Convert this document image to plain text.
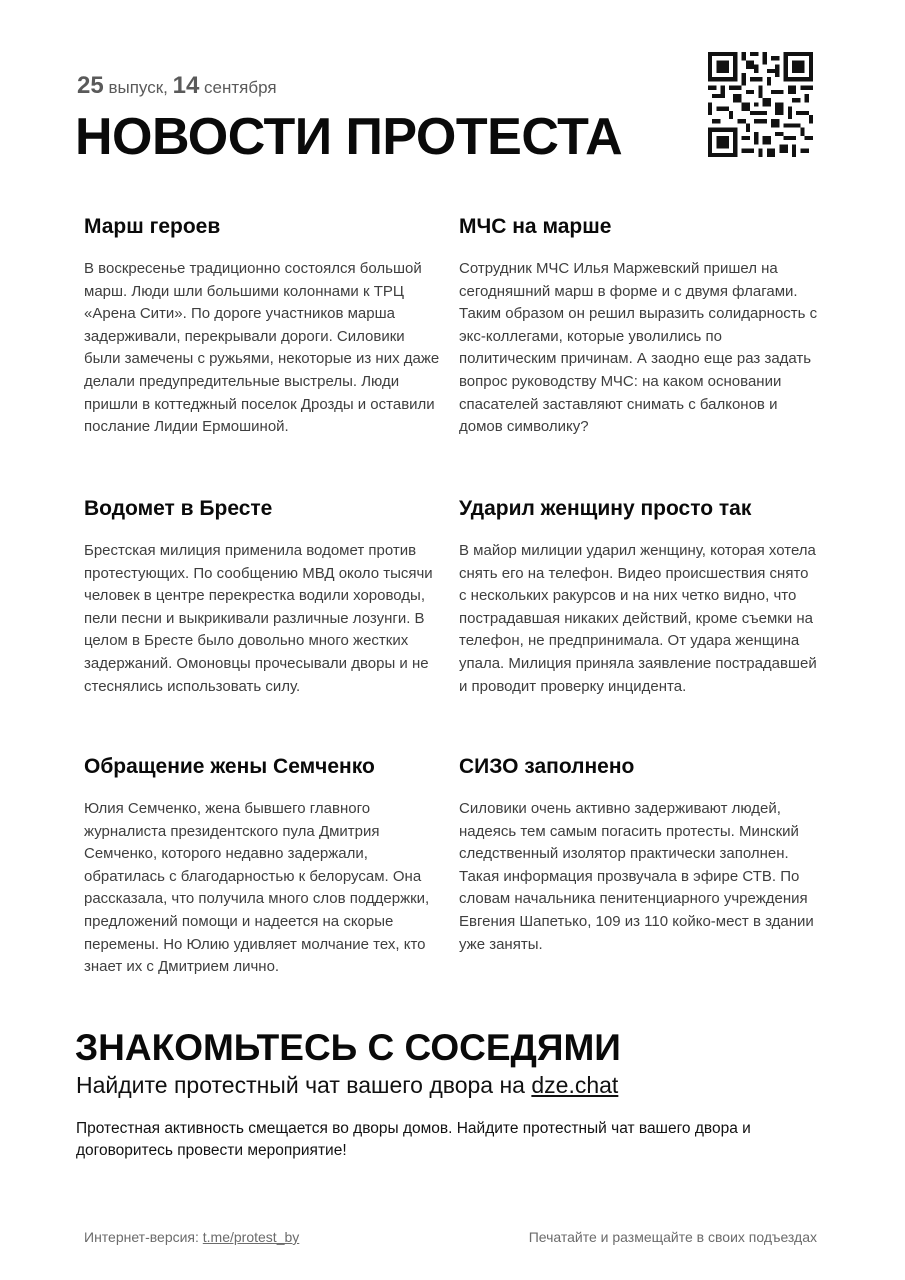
25 выпуск, 14 сентября
НОВОСТИ ПРОТЕСТА
Марш героев

В воскресенье традиционно состоялся большой марш. Люди шли большими колоннами к ТРЦ «Арена Сити». По дороге участников марша задерживали, перекрывали дороги. Силовики были замечены с ружьями, некоторые из них даже делали предупредительные выстрелы. Люди пришли в коттеджный поселок Дрозды и оставили послание Лидии Ермошиной.

МЧС на марше

Сотрудник МЧС Илья Маржевский пришел на сегодняшний марш в форме и с двумя флагами. Таким образом он решил выразить солидарность с экс-коллегами, которые уволились по политическим причинам. А заодно еще раз задать вопрос руководству МЧС: на каком основании спасателей заставляют снимать с балконов и домов символику?

Водомет в Бресте

Брестская милиция применила водомет против протестующих. По сообщению МВД около тысячи человек в центре перекрестка водили хороводы, пели песни и выкрикивали различные лозунги. В целом в Бресте было довольно много жестких задержаний. Омоновцы прочесывали дворы и не стеснялись использовать силу.

Ударил женщину просто так

В майор милиции ударил женщину, которая хотела снять его на телефон. Видео происшествия снято с нескольких ракурсов и на них четко видно, что пострадавшая никаких действий, кроме съемки на телефон, не предпринимала. От удара женщина упала. Милиция приняла заявление пострадавшей и проводит проверку инцидента.

Обращение жены Семченко

Юлия Семченко, жена бывшего главного журналиста президентского пула Дмитрия Семченко, которого недавно задержали, обратилась с благодарностью к белорусам. Она рассказала, что получила много слов поддержки, предложений помощи и надеется на скорые перемены. Но Юлию удивляет молчание тех, кто знает их с Дмитрием лично.

СИЗО заполнено

Силовики очень активно задерживают людей, надеясь тем самым погасить протесты. Минский следственный изолятор практически заполнен. Такая информация прозвучала в эфире СТВ. По словам начальника пенитенциарного учреждения Евгения Шапетько, 109 из 110 койко-мест в здании уже заняты.

ЗНАКОМЬТЕСЬ С СОСЕДЯМИ
Найдите протестный чат вашего двора на dze.chat
Протестная активность смещается во дворы домов. Найдите протестный чат вашего двора и договоритесь провести мероприятие!
Интернет-версия: t.me/protest_by	Печатайте и размещайте в своих подъездах
